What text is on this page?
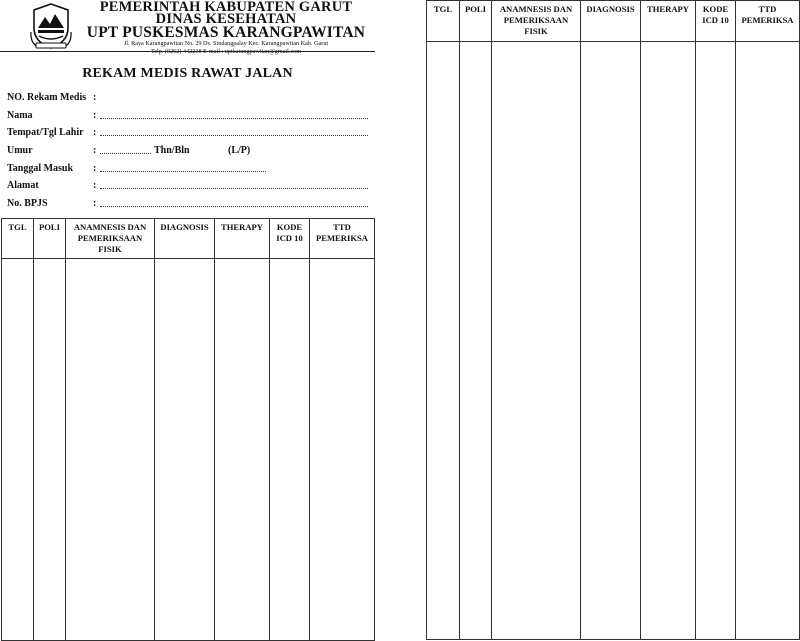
PEMERINTAH KABUPATEN GARUT
DINAS KESEHATAN
UPT PUSKESMAS KARANGPAWITAN
Jl. Raya Karangpawitan No. 29 Ds. Sindangpalay Kec. Karangpawitan Kab. Garut
Telp. (0262) 442238 E-mail : uptkarangpawitan@gmail.com
REKAM MEDIS RAWAT JALAN
NO. Rekam Medis :
Nama	:
Tempat/Tgl Lahir :
Umur	:	Thn/Bln	(L/P)
Tanggal Masuk :
Alamat	:
No. BPJS	:
TGL	POLI	ANAMNESIS DAN PEMERIKSAAN FISIK	DIAGNOSIS	THERAPY	KODE ICD 10	TTD PEMERIKSA

TGL	POLI	ANAMNESIS DAN PEMERIKSAAN FISIK	DIAGNOSIS	THERAPY	KODE ICD 10	TTD PEMERIKSA
